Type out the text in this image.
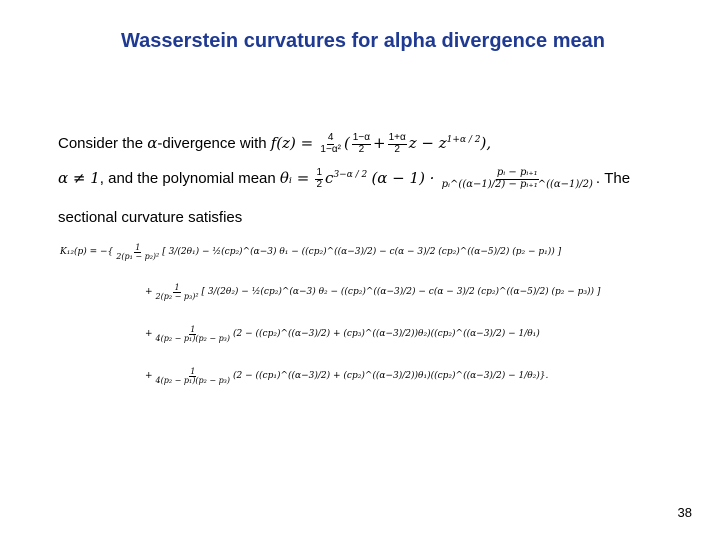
Wasserstein curvatures for alpha divergence mean
Consider the α-divergence with $f(z) = \frac{4}{\text{1−α²}}$ ( $\frac{1-\alpha}{2} + \frac{1+\alpha}{2}$ $z - z^{1+\alpha / 2}$),
α ≠ 1, and the polynomial mean θᵢ = $\frac{1}{2} c^{3-\alpha / 2}$ $(\alpha - 1) \cdot \frac{\text{pᵢ − pᵢ₊₁}}{\text{pᵢ\textasciicircum{}((α−1)/2) − pᵢ₊₁\textasciicircum{}((α−1)/2)}}$ . The
sectional curvature satisfies
K₁₂(p) = −{	1
2(p₁ − p₂)² [ 3/(2θ₁) − ½(cp₂)^(α−3) θ₁ − ((cp₂)^((α−3)/2) − c(α − 3)/2 (cp₂)^((α−5)/2) (p₂ − p₁)) ]
+ $\frac{1}{\text{2(p₂ − p₃)²}}$ [ 3/(2θ₂) − ½(cp₂)^(α−3) θ₂ − ((cp₂)^((α−3)/2) − c(α − 3)/2 (cp₂)^((α−5)/2) (p₂ − p₃)) ]
+ $\frac{1}{\text{4(p₂ − p₁)(p₂ − p₃)}} (2$ − ((cp₂)^((α−3)/2) + (cp₃)^((α−3)/2))θ₂)((cp₂)^((α−3)/2) − 1/θ₁)
+ $\frac{1}{\text{4(p₂ − p₁)(p₂ − p₃)}} (2$ − ((cp₁)^((α−3)/2) + (cp₂)^((α−3)/2))θ₁)((cp₂)^((α−3)/2) − 1/θ₂)}.
38
